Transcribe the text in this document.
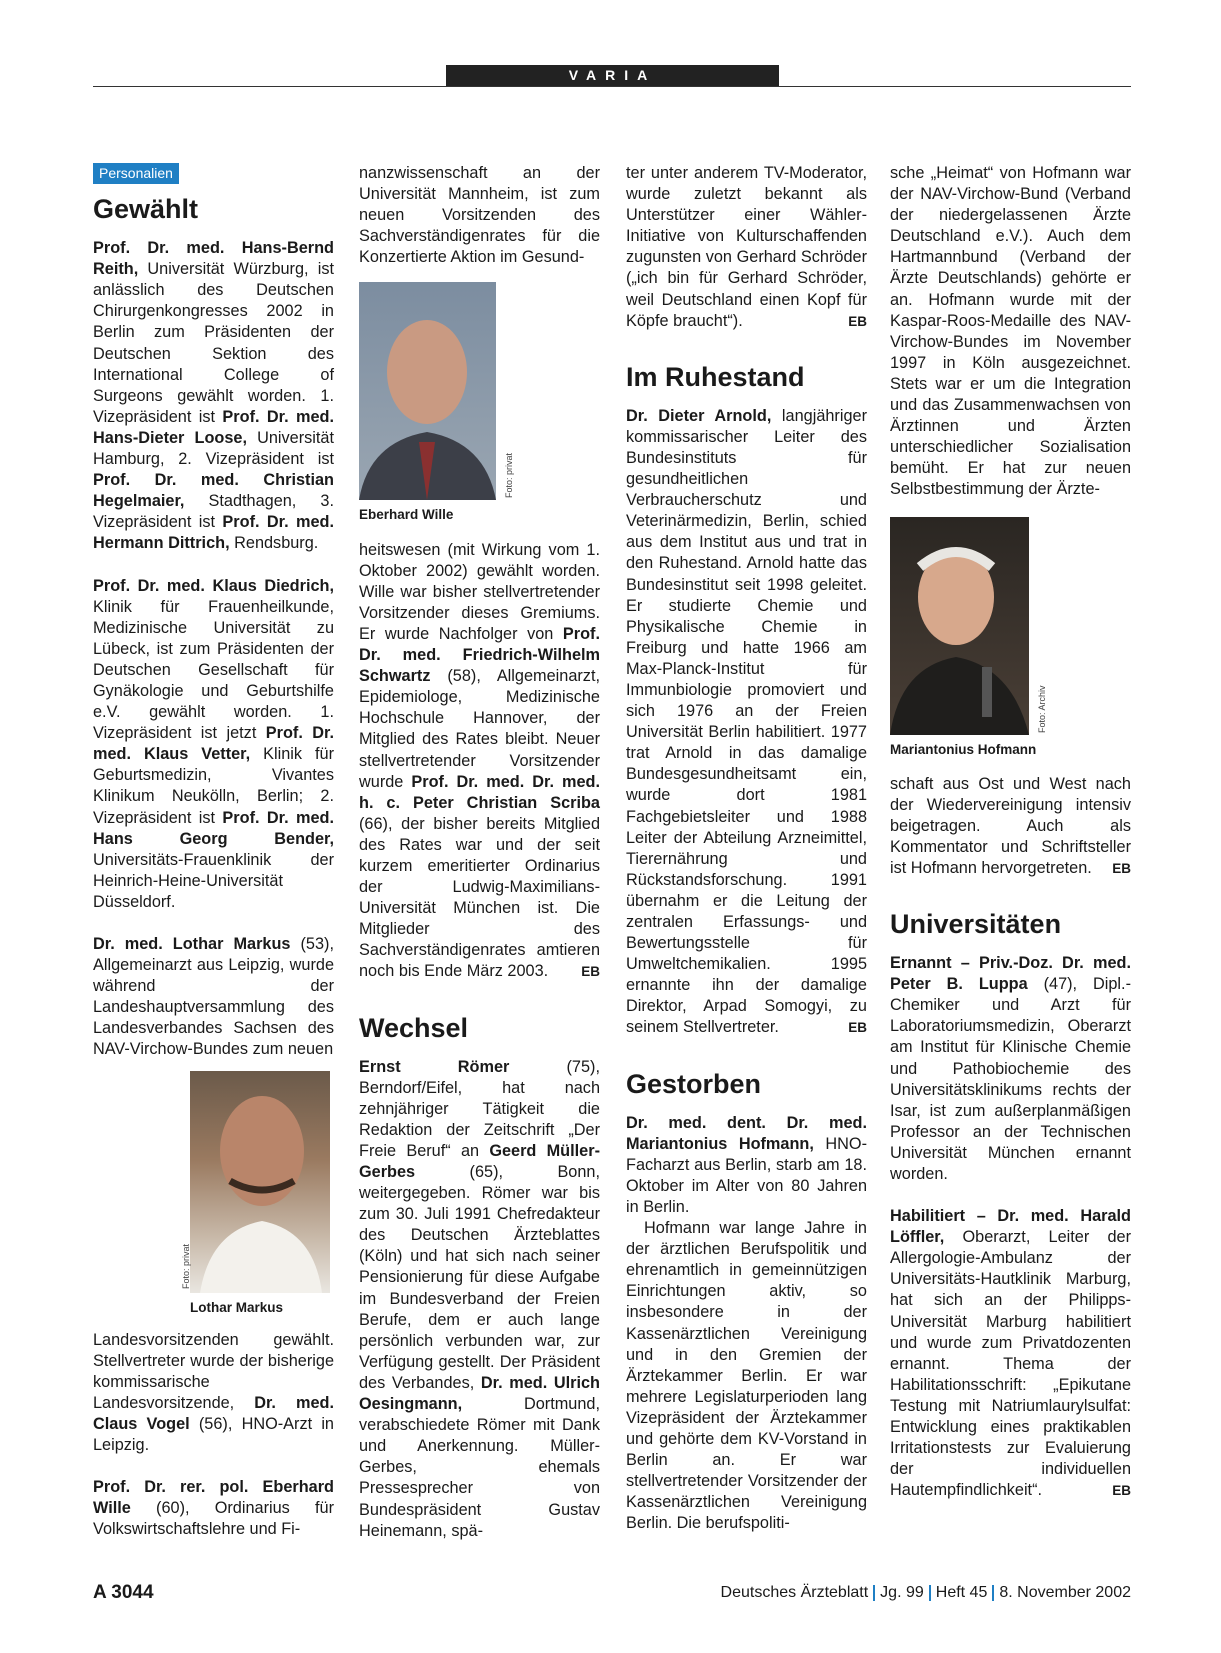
VARIA
Personalien
Gewählt

Prof. Dr. med. Hans-Bernd Reith, Universität Würzburg, ist anlässlich des Deutschen Chirurgenkongresses 2002 in Berlin zum Präsidenten der Deutschen Sektion des International College of Surgeons gewählt worden. 1. Vizepräsident ist Prof. Dr. med. Hans-Dieter Loose, Universität Hamburg, 2. Vizepräsident ist Prof. Dr. med. Christian Hegelmaier, Stadthagen, 3. Vizepräsident ist Prof. Dr. med. Hermann Dittrich, Rendsburg.

Prof. Dr. med. Klaus Diedrich, Klinik für Frauenheilkunde, Medizinische Universität zu Lübeck, ist zum Präsidenten der Deutschen Gesellschaft für Gynäkologie und Geburtshilfe e.V. gewählt worden. 1. Vizepräsident ist jetzt Prof. Dr. med. Klaus Vetter, Klinik für Geburtsmedizin, Vivantes Klinikum Neukölln, Berlin; 2. Vizepräsident ist Prof. Dr. med. Hans Georg Bender, Universitäts-Frauenklinik der Heinrich-Heine-Universität Düsseldorf.

Dr. med. Lothar Markus (53), Allgemeinarzt aus Leipzig, wurde während der Landeshauptversammlung des Landesverbandes Sachsen des NAV-Virchow-Bundes zum neuen

Foto: privat
Lothar Markus

Landesvorsitzenden gewählt. Stellvertreter wurde der bisherige kommissarische Landesvorsitzende, Dr. med. Claus Vogel (56), HNO-Arzt in Leipzig.

Prof. Dr. rer. pol. Eberhard Wille (60), Ordinarius für Volkswirtschaftslehre und Fi-

nanzwissenschaft an der Universität Mannheim, ist zum neuen Vorsitzenden des Sachverständigenrates für die Konzertierte Aktion im Gesund-

Foto: privat
Eberhard Wille

heitswesen (mit Wirkung vom 1. Oktober 2002) gewählt worden. Wille war bisher stellvertretender Vorsitzender dieses Gremiums. Er wurde Nachfolger von Prof. Dr. med. Friedrich-Wilhelm Schwartz (58), Allgemeinarzt, Epidemiologe, Medizinische Hochschule Hannover, der Mitglied des Rates bleibt. Neuer stellvertretender Vorsitzender wurde Prof. Dr. med. Dr. med. h. c. Peter Christian Scriba (66), der bisher bereits Mitglied des Rates war und der seit kurzem emeritierter Ordinarius der Ludwig-Maximilians-Universität München ist. Die Mitglieder des Sachverständigenrates amtieren noch bis Ende März 2003. EB

Wechsel

Ernst Römer (75), Berndorf/Eifel, hat nach zehnjähriger Tätigkeit die Redaktion der Zeitschrift „Der Freie Beruf“ an Geerd Müller-Gerbes (65), Bonn, weitergegeben. Römer war bis zum 30. Juli 1991 Chefredakteur des Deutschen Ärzteblattes (Köln) und hat sich nach seiner Pensionierung für diese Aufgabe im Bundesverband der Freien Berufe, dem er auch lange persönlich verbunden war, zur Verfügung gestellt. Der Präsident des Verbandes, Dr. med. Ulrich Oesingmann, Dortmund, verabschiedete Römer mit Dank und Anerkennung. Müller-Gerbes, ehemals Pressesprecher von Bundespräsident Gustav Heinemann, spä-

ter unter anderem TV-Moderator, wurde zuletzt bekannt als Unterstützer einer Wähler-Initiative von Kulturschaffenden zugunsten von Gerhard Schröder („ich bin für Gerhard Schröder, weil Deutschland einen Kopf für Köpfe braucht“).	EB

Im Ruhestand

Dr. Dieter Arnold, langjähriger kommissarischer Leiter des Bundesinstituts für gesundheitlichen Verbraucherschutz und Veterinärmedizin, Berlin, schied aus dem Institut aus und trat in den Ruhestand. Arnold hatte das Bundesinstitut seit 1998 geleitet. Er studierte Chemie und Physikalische Chemie in Freiburg und hatte 1966 am Max-Planck-Institut für Immunbiologie promoviert und sich 1976 an der Freien Universität Berlin habilitiert. 1977 trat Arnold in das damalige Bundesgesundheitsamt ein, wurde dort 1981 Fachgebietsleiter und 1988 Leiter der Abteilung Arzneimittel, Tierernährung und Rückstandsforschung. 1991 übernahm er die Leitung der zentralen Erfassungs- und Bewertungsstelle für Umweltchemikalien. 1995 ernannte ihn der damalige Direktor, Arpad Somogyi, zu seinem Stellvertreter.	EB

Gestorben

Dr. med. dent. Dr. med. Mariantonius Hofmann, HNO-Facharzt aus Berlin, starb am 18. Oktober im Alter von 80 Jahren in Berlin.

Hofmann war lange Jahre in der ärztlichen Berufspolitik und ehrenamtlich in gemeinnützigen Einrichtungen aktiv, so insbesondere in der Kassenärztlichen Vereinigung und in den Gremien der Ärztekammer Berlin. Er war mehrere Legislaturperioden lang Vizepräsident der Ärztekammer und gehörte dem KV-Vorstand in Berlin an. Er war stellvertretender Vorsitzender der Kassenärztlichen Vereinigung Berlin. Die berufspoliti-

sche „Heimat“ von Hofmann war der NAV-Virchow-Bund (Verband der niedergelassenen Ärzte Deutschland e.V.). Auch dem Hartmannbund (Verband der Ärzte Deutschlands) gehörte er an. Hofmann wurde mit der Kaspar-Roos-Medaille des NAV-Virchow-Bundes im November 1997 in Köln ausgezeichnet. Stets war er um die Integration und das Zusammenwachsen von Ärztinnen und Ärzten unterschiedlicher Sozialisation bemüht. Er hat zur neuen Selbstbestimmung der Ärzte-

Foto: Archiv
Mariantonius Hofmann

schaft aus Ost und West nach der Wiedervereinigung intensiv beigetragen. Auch als Kommentator und Schriftsteller ist Hofmann hervorgetreten. EB

Universitäten

Ernannt – Priv.-Doz. Dr. med. Peter B. Luppa (47), Dipl.-Chemiker und Arzt für Laboratoriumsmedizin, Oberarzt am Institut für Klinische Chemie und Pathobiochemie des Universitätsklinikums rechts der Isar, ist zum außerplanmäßigen Professor an der Technischen Universität München ernannt worden.

Habilitiert – Dr. med. Harald Löffler, Oberarzt, Leiter der Allergologie-Ambulanz der Universitäts-Hautklinik Marburg, hat sich an der Philipps-Universität Marburg habilitiert und wurde zum Privatdozenten ernannt. Thema der Habilitationsschrift: „Epikutane Testung mit Natriumlaurylsulfat: Entwicklung eines praktikablen Irritationstests zur Evaluierung der individuellen Hautempfindlichkeit“.	EB

A 3044	Deutsches Ärzteblatt Jg. 99 Heft 45 8. November 2002
